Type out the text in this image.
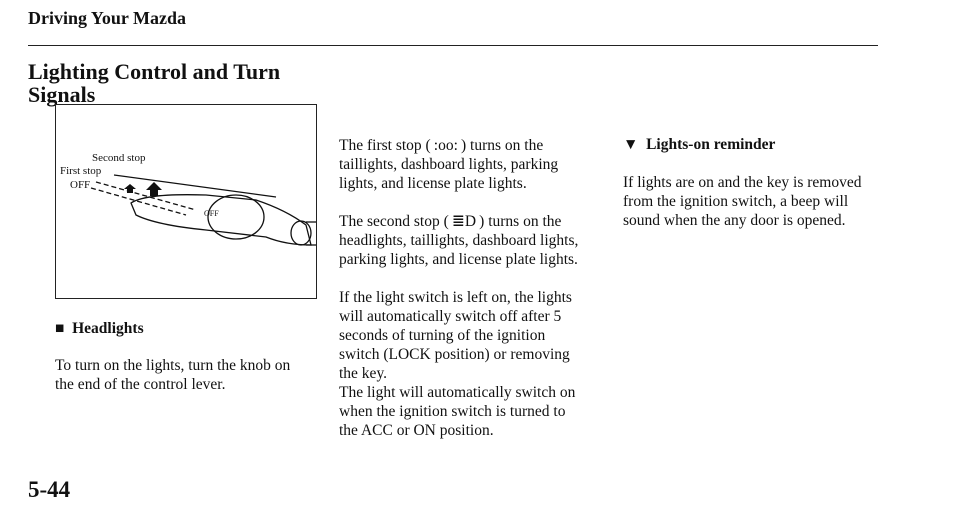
Driving Your Mazda
Lighting Control and Turn
Signals
Second stop
First stop
OFF
OFF
■ Headlights
To turn on the lights, turn the knob on
the end of the control lever.
The first stop ( :oo: ) turns on the
taillights, dashboard lights, parking
lights, and license plate lights.
The second stop ( ≣D ) turns on the
headlights, taillights, dashboard lights,
parking lights, and license plate lights.
If the light switch is left on, the lights
will automatically switch off after 5
seconds of turning of the ignition
switch (LOCK position) or removing
the key.
The light will automatically switch on
when the ignition switch is turned to
the ACC or ON position.
▼ Lights-on reminder
If lights are on and the key is removed
from the ignition switch, a beep will
sound when the any door is opened.
5-44
